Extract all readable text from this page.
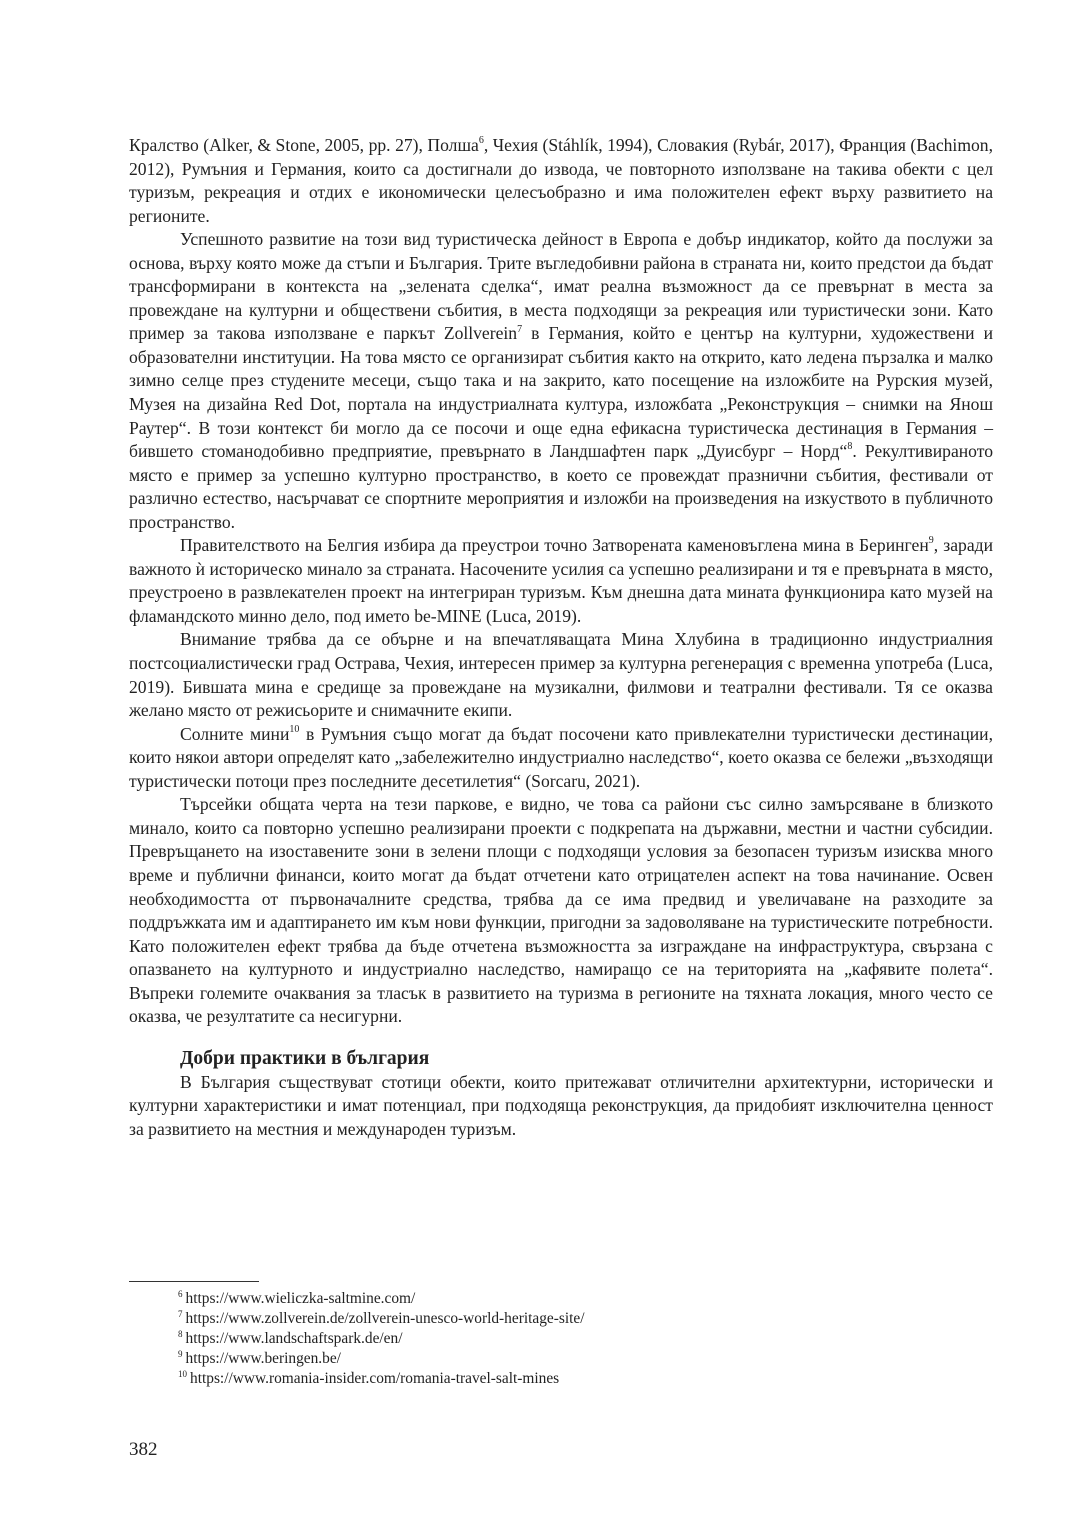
Кралство (Alker, & Stone, 2005, pp. 27), Полша$^6$, Чехия (Stáhlík, 1994), Словакия (Rybár, 2017), Франция (Bachimon, 2012), Румъния и Германия, които са достигнали до извода, че повторното използване на такива обекти с цел туризъм, рекреация и отдих е икономически целесъобразно и има положителен ефект върху развитието на регионите.

Успешното развитие на този вид туристическа дейност в Европа е добър индикатор, който да послужи за основа, върху която може да стъпи и България. Трите въгледобивни района в страната ни, които предстои да бъдат трансформирани в контекста на „зелената сделка“, имат реална възможност да се превърнат в места за провеждане на културни и обществени събития, в места подходящи за рекреация или туристически зони. Като пример за такова използване е паркът Zollverein$^7$ в Германия, който е център на културни, художествени и образователни институции. На това място се организират събития както на открито, като ледена пързалка и малко зимно селце през студените месеци, също така и на закрито, като посещение на изложбите на Рурския музей, Музея на дизайна Red Dot, портала на индустриалната култура, изложбата „Реконструкция – снимки на Янош Раутер“. В този контекст би могло да се посочи и още една ефикасна туристическа дестинация в Германия – бившето стоманодобивно предприятие, превърнато в Ландшафтен парк „Дуисбург – Норд“$^8$. Рекултивираното място е пример за успешно културно пространство, в което се провеждат празнични събития, фестивали от различно естество, насърчават се спортните мероприятия и изложби на произведения на изкуството в публичното пространство.

Правителството на Белгия избира да преустрои точно Затворената каменовъглена мина в Беринген$^9$, заради важното ѝ историческо минало за страната. Насочените усилия са успешно реализирани и тя е превърната в място, преустроено в развлекателен проект на интегриран туризъм. Към днешна дата мината функционира като музей на фламандското минно дело, под името be-MINE (Luca, 2019).

Внимание трябва да се обърне и на впечатляващата Мина Хлубина в традиционно индустриалния постсоциалистически град Острава, Чехия, интересен пример за културна регенерация с временна употреба (Luca, 2019). Бившата мина е средище за провеждане на музикални, филмови и театрални фестивали. Тя се оказва желано място от режисьорите и снимачните екипи.

Солните мини$^{10}$ в Румъния също могат да бъдат посочени като привлекателни туристически дестинации, които някои автори определят като „забележително индустриално наследство“, което оказва се бележи „възходящи туристически потоци през последните десетилетия“ (Sorcaru, 2021).

Търсейки общата черта на тези паркове, е видно, че това са райони със силно замърсяване в близкото минало, които са повторно успешно реализирани проекти с подкрепата на държавни, местни и частни субсидии. Превръщането на изоставените зони в зелени площи с подходящи условия за безопасен туризъм изисква много време и публични финанси, които могат да бъдат отчетени като отрицателен аспект на това начинание. Освен необходимостта от първоначалните средства, трябва да се има предвид и увеличаване на разходите за поддръжката им и адаптирането им към нови функции, пригодни за задоволяване на туристическите потребности. Като положителен ефект трябва да бъде отчетена възможността за изграждане на инфраструктура, свързана с опазването на културното и индустриално наследство, намиращо се на територията на „кафявите полета“. Въпреки големите очаквания за тласък в развитието на туризма в регионите на тяхната локация, много често се оказва, че резултатите са несигурни.

Добри практики в българия

В България съществуват стотици обекти, които притежават отличителни архитектурни, исторически и културни характеристики и имат потенциал, при подходяща реконструкция, да придобият изключителна ценност за развитието на местния и международен туризъм.

$^6$ https://www.wieliczka-saltmine.com/

$^7$ https://www.zollverein.de/zollverein-unesco-world-heritage-site/

$^8$ https://www.landschaftspark.de/en/

$^9$ https://www.beringen.be/

$^{10}$ https://www.romania-insider.com/romania-travel-salt-mines

382
